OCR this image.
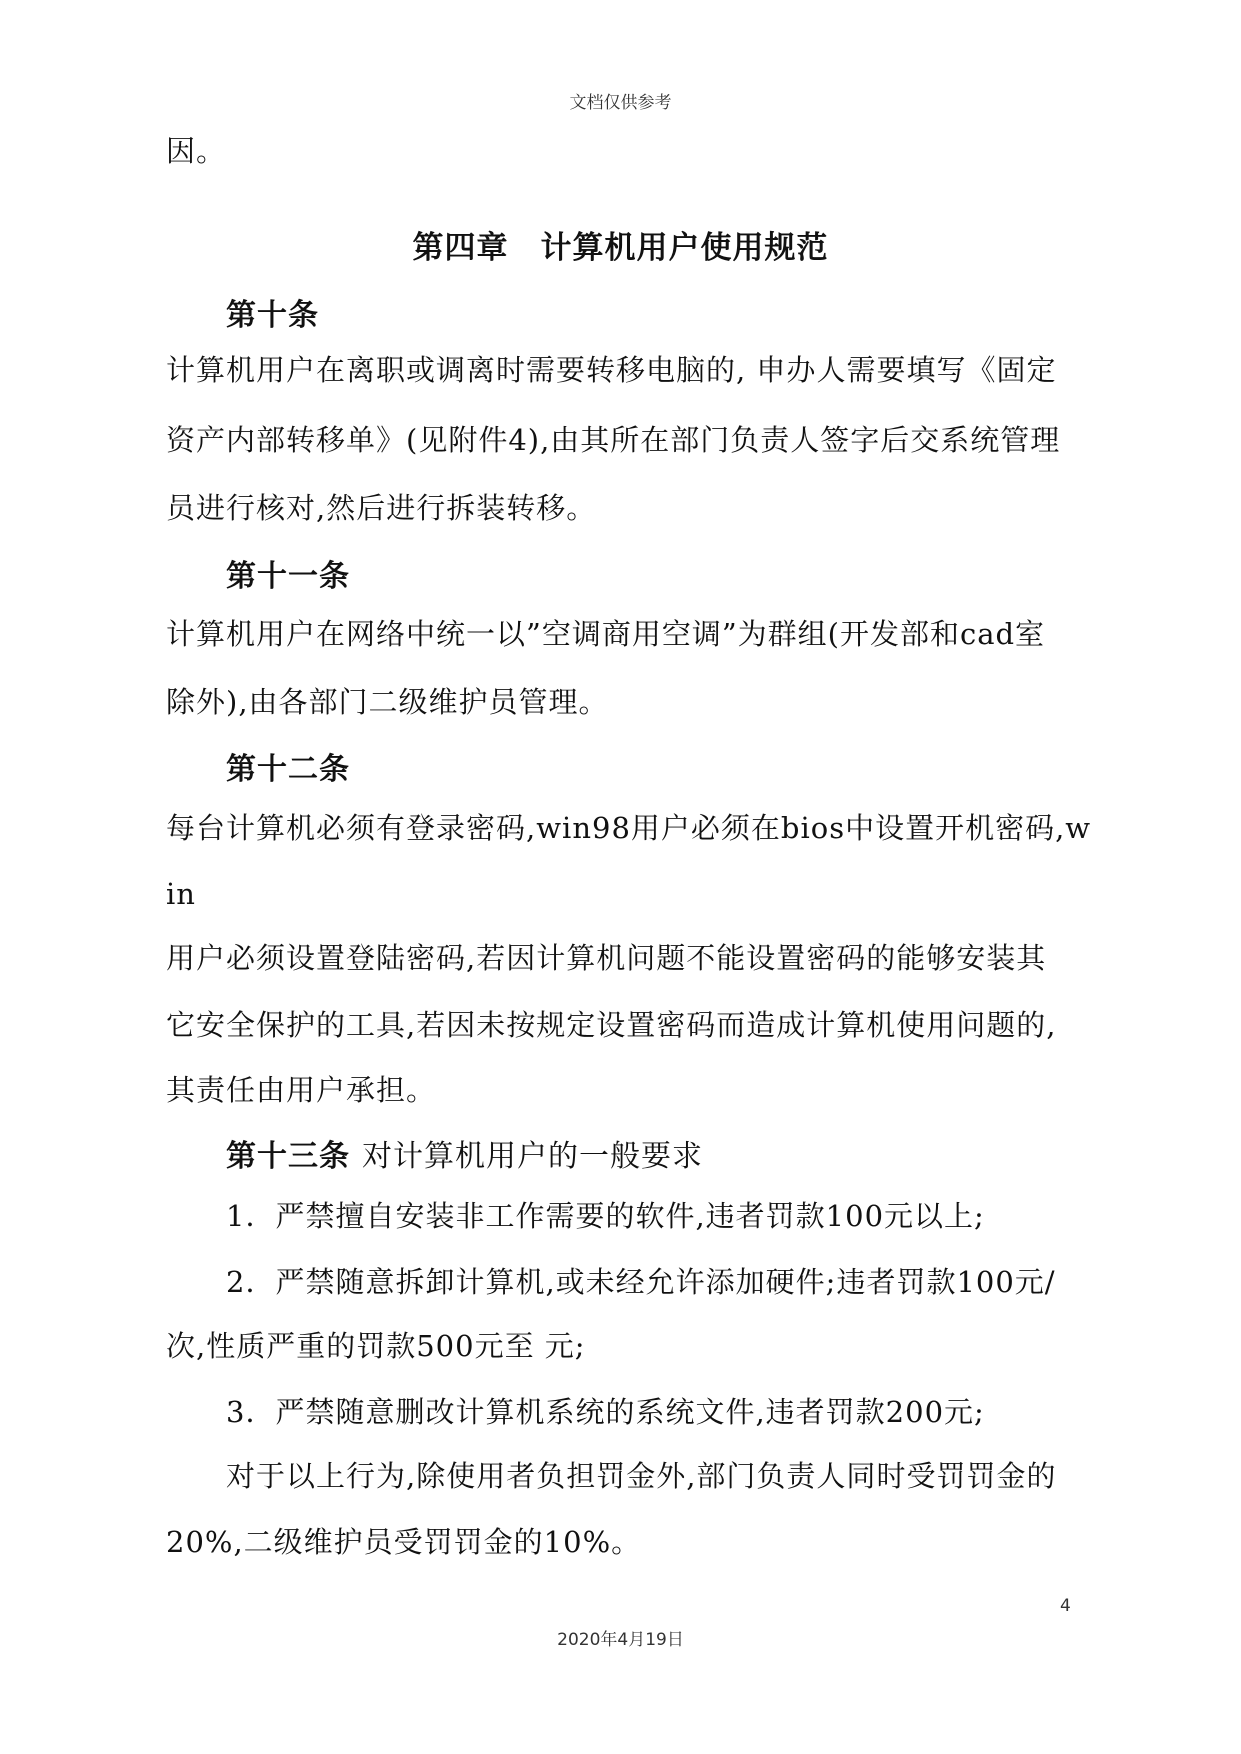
文档仅供参考
因。
第四章　计算机用户使用规范
第十条
计算机用户在离职或调离时需要转移电脑的, 申办人需要填写《固定
资产内部转移单》(见附件4),由其所在部门负责人签字后交系统管理
员进行核对,然后进行拆装转移。
第十一条
计算机用户在网络中统一以”空调商用空调”为群组(开发部和cad室
除外),由各部门二级维护员管理。
第十二条
每台计算机必须有登录密码,win98用户必须在bios中设置开机密码,w
in
用户必须设置登陆密码,若因计算机问题不能设置密码的能够安装其
它安全保护的工具,若因未按规定设置密码而造成计算机使用问题的,
其责任由用户承担。
第十三条 对计算机用户的一般要求
1．严禁擅自安装非工作需要的软件,违者罚款100元以上;
2．严禁随意拆卸计算机,或未经允许添加硬件;违者罚款100元/
次,性质严重的罚款500元至 元;
3．严禁随意删改计算机系统的系统文件,违者罚款200元;
对于以上行为,除使用者负担罚金外,部门负责人同时受罚罚金的
20%,二级维护员受罚罚金的10%。
4
2020年4月19日
